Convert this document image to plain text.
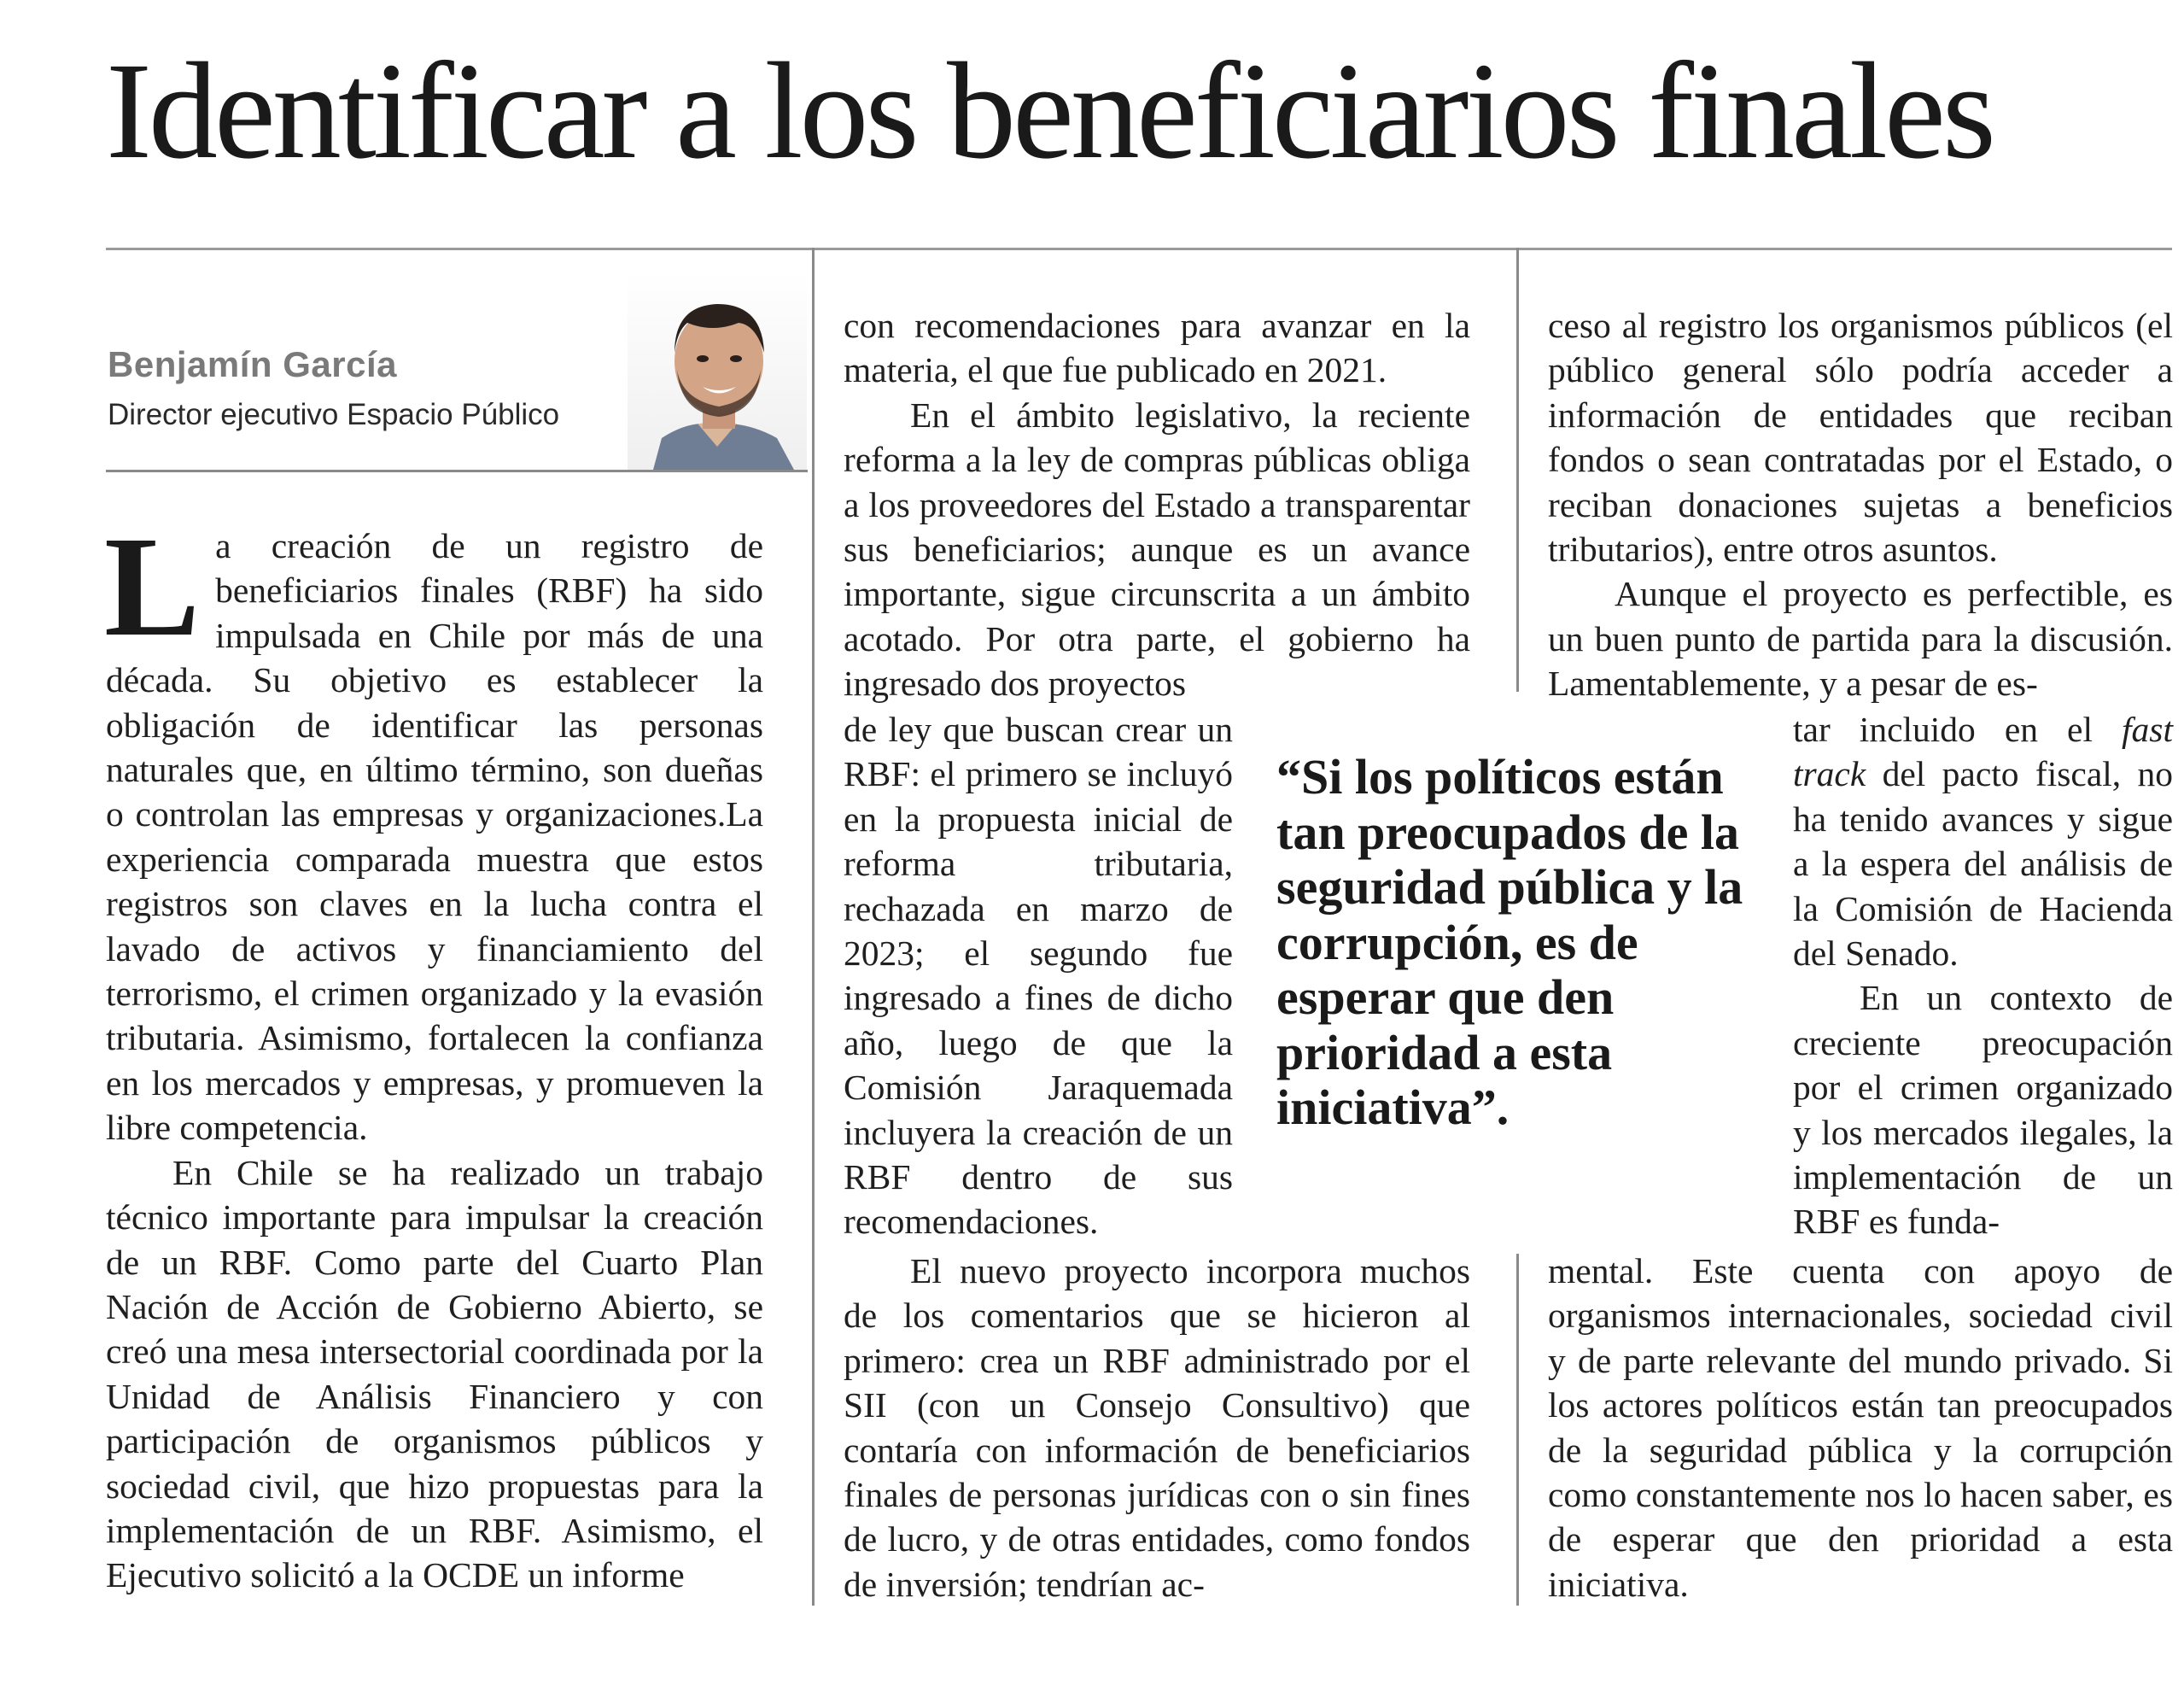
Identificar a los beneficiarios finales
Benjamín García
Director ejecutivo Espacio Público

La creación de un registro de beneficiarios finales (RBF) ha sido impulsada en Chile por más de una década. Su objetivo es establecer la obligación de identificar las personas naturales que, en último término, son dueñas o controlan las empresas y organizaciones.La experiencia comparada muestra que estos registros son claves en la lucha contra el lavado de activos y financiamiento del terrorismo, el crimen organizado y la evasión tributaria. Asimismo, fortalecen la confianza en los mercados y empresas, y promueven la libre competencia.

En Chile se ha realizado un trabajo técnico importante para impulsar la creación de un RBF. Como parte del Cuarto Plan Nación de Acción de Gobierno Abierto, se creó una mesa intersectorial coordinada por la Unidad de Análisis Financiero y con participación de organismos públicos y sociedad civil, que hizo propuestas para la implementación de un RBF. Asimismo, el Ejecutivo solicitó a la OCDE un informe

con recomendaciones para avanzar en la materia, el que fue publicado en 2021.

En el ámbito legislativo, la reciente reforma a la ley de compras públicas obliga a los proveedores del Estado a transparentar sus beneficiarios; aunque es un avance importante, sigue circunscrita a un ámbito acotado. Por otra parte, el gobierno ha ingresado dos proyectos

de ley que buscan crear un RBF: el primero se incluyó en la propuesta inicial de reforma tributaria, rechazada en marzo de 2023; el segundo fue ingresado a fines de dicho año, luego de que la Comisión Jaraquemada incluyera la creación de un RBF dentro de sus recomendaciones.

El nuevo proyecto incorpora muchos de los comentarios que se hicieron al primero: crea un RBF administrado por el SII (con un Consejo Consultivo) que contaría con información de beneficiarios finales de personas jurídicas con o sin fines de lucro, y de otras entidades, como fondos de inversión; tendrían ac-

“Si los políticos están tan preocupados de la seguridad pública y la corrupción, es de esperar que den prioridad a esta iniciativa”.

ceso al registro los organismos públicos (el público general sólo podría acceder a información de entidades que reciban fondos o sean contratadas por el Estado, o reciban donaciones sujetas a beneficios tributarios), entre otros asuntos.

Aunque el proyecto es perfectible, es un buen punto de partida para la discusión. Lamentablemente, y a pesar de es-

tar incluido en el fast track del pacto fiscal, no ha tenido avances y sigue a la espera del análisis de la Comisión de Hacienda del Senado.

En un contexto de creciente preocupación por el crimen organizado y los mercados ilegales, la implementación de un RBF es funda-

mental. Este cuenta con apoyo de organismos internacionales, sociedad civil y de parte relevante del mundo privado. Si los actores políticos están tan preocupados de la seguridad pública y la corrupción como constantemente nos lo hacen saber, es de esperar que den prioridad a esta iniciativa.
